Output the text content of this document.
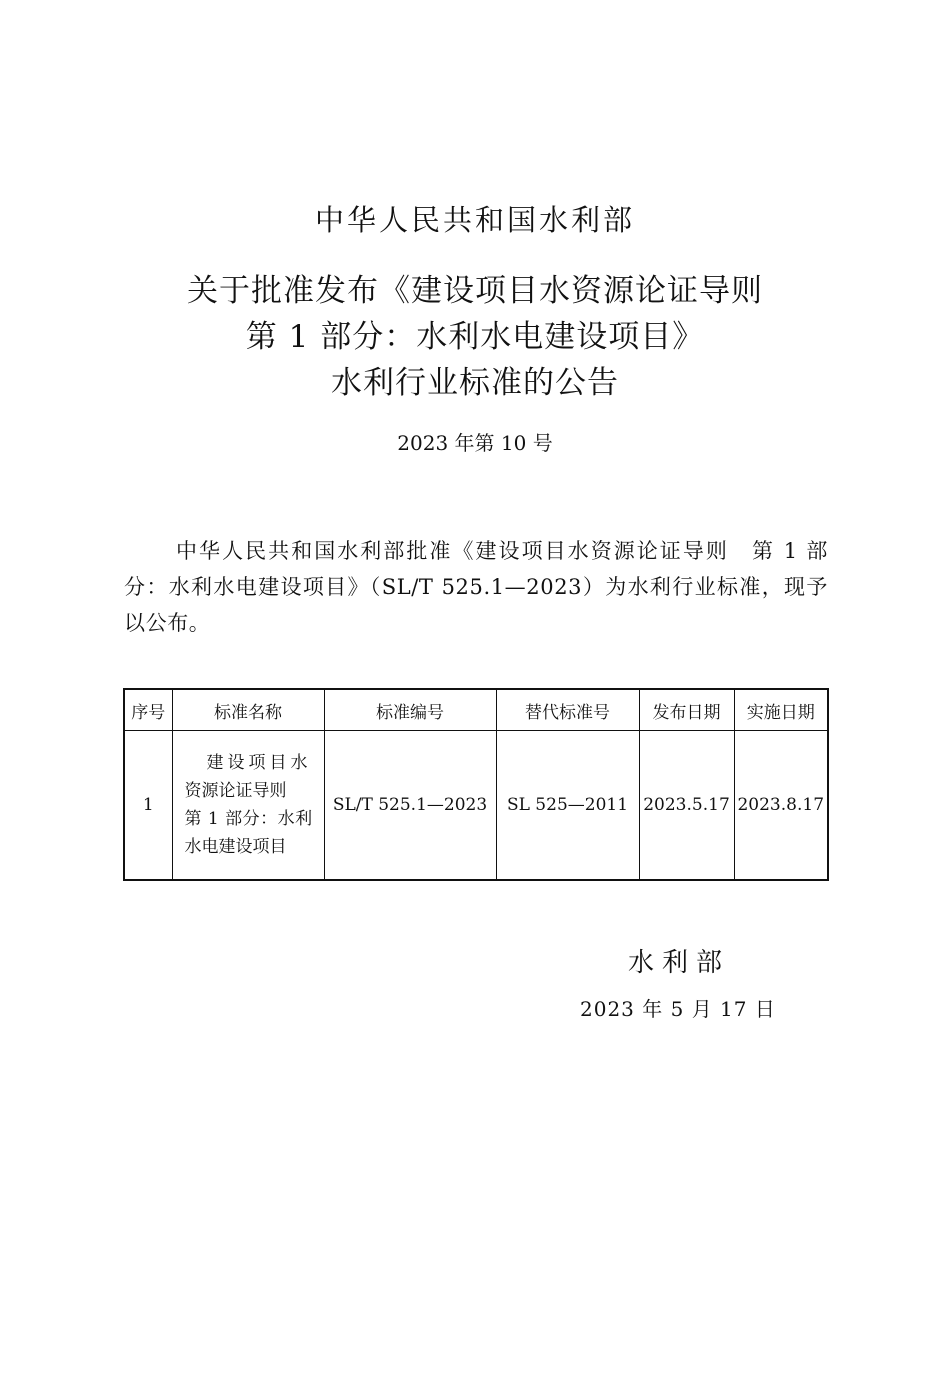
中华人民共和国水利部
关于批准发布《建设项目水资源论证导则
第 1 部分：水利水电建设项目》
水利行业标准的公告
2023 年第 10 号
中华人民共和国水利部批准《建设项目水资源论证导则　第 1 部分：水利水电建设项目》（SL/T 525.1—2023）为水利行业标准，现予以公布。
序号	标准名称	标准编号	替代标准号	发布日期	实施日期
1	建设项目水
资源论证导则
第 1 部分：水利
水电建设项目	SL/T 525.1—2023	SL 525—2011	2023.5.17	2023.8.17
水利部
2023 年 5 月 17 日
